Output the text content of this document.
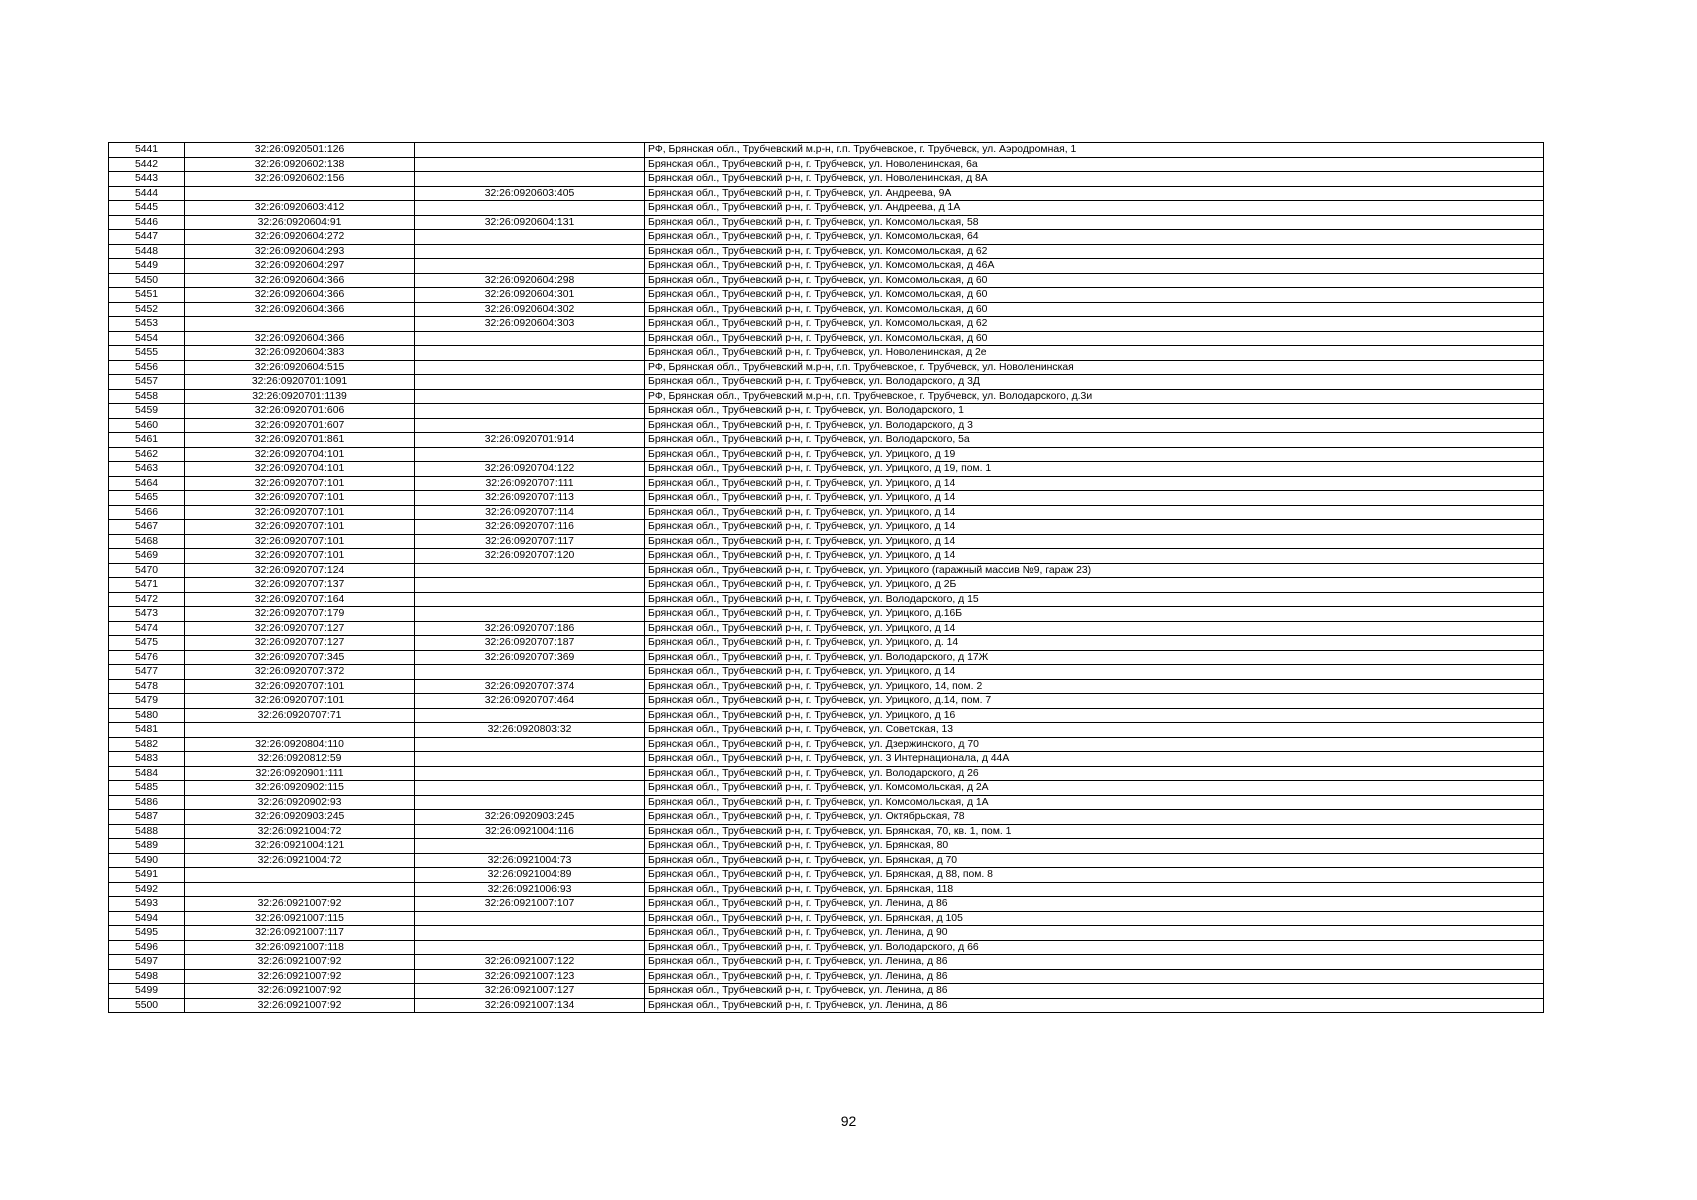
5441	32:26:0920501:126		РФ, Брянская обл., Трубчевский м.р-н, г.п. Трубчевское, г. Трубчевск, ул. Аэродромная, 1
5442	32:26:0920602:138		Брянская обл., Трубчевский р-н, г. Трубчевск, ул. Новоленинская, 6а
5443	32:26:0920602:156		Брянская обл., Трубчевский р-н, г. Трубчевск, ул. Новоленинская, д 8А
5444		32:26:0920603:405	Брянская обл., Трубчевский р-н, г. Трубчевск, ул. Андреева, 9А
5445	32:26:0920603:412		Брянская обл., Трубчевский р-н, г. Трубчевск, ул. Андреева, д 1А
5446	32:26:0920604:91	32:26:0920604:131	Брянская обл., Трубчевский р-н, г. Трубчевск, ул. Комсомольская, 58
5447	32:26:0920604:272		Брянская обл., Трубчевский р-н, г. Трубчевск, ул. Комсомольская, 64
5448	32:26:0920604:293		Брянская обл., Трубчевский р-н, г. Трубчевск, ул. Комсомольская, д 62
5449	32:26:0920604:297		Брянская обл., Трубчевский р-н, г. Трубчевск, ул. Комсомольская, д 46А
5450	32:26:0920604:366	32:26:0920604:298	Брянская обл., Трубчевский р-н, г. Трубчевск, ул. Комсомольская, д 60
5451	32:26:0920604:366	32:26:0920604:301	Брянская обл., Трубчевский р-н, г. Трубчевск, ул. Комсомольская, д 60
5452	32:26:0920604:366	32:26:0920604:302	Брянская обл., Трубчевский р-н, г. Трубчевск, ул. Комсомольская, д 60
5453		32:26:0920604:303	Брянская обл., Трубчевский р-н, г. Трубчевск, ул. Комсомольская, д 62
5454	32:26:0920604:366		Брянская обл., Трубчевский р-н, г. Трубчевск, ул. Комсомольская, д 60
5455	32:26:0920604:383		Брянская обл., Трубчевский р-н, г. Трубчевск, ул. Новоленинская, д 2е
5456	32:26:0920604:515		РФ, Брянская обл., Трубчевский м.р-н, г.п. Трубчевское, г. Трубчевск, ул. Новоленинская
5457	32:26:0920701:1091		Брянская обл., Трубчевский р-н, г. Трубчевск, ул. Володарского, д 3Д
5458	32:26:0920701:1139		РФ, Брянская обл., Трубчевский м.р-н, г.п. Трубчевское, г. Трубчевск, ул. Володарского, д.3и
5459	32:26:0920701:606		Брянская обл., Трубчевский р-н, г. Трубчевск, ул. Володарского, 1
5460	32:26:0920701:607		Брянская обл., Трубчевский р-н, г. Трубчевск, ул. Володарского, д 3
5461	32:26:0920701:861	32:26:0920701:914	Брянская обл., Трубчевский р-н, г. Трубчевск, ул. Володарского, 5а
5462	32:26:0920704:101		Брянская обл., Трубчевский р-н, г. Трубчевск, ул. Урицкого, д 19
5463	32:26:0920704:101	32:26:0920704:122	Брянская обл., Трубчевский р-н, г. Трубчевск, ул. Урицкого, д 19, пом. 1
5464	32:26:0920707:101	32:26:0920707:111	Брянская обл., Трубчевский р-н, г. Трубчевск, ул. Урицкого, д 14
5465	32:26:0920707:101	32:26:0920707:113	Брянская обл., Трубчевский р-н, г. Трубчевск, ул. Урицкого, д 14
5466	32:26:0920707:101	32:26:0920707:114	Брянская обл., Трубчевский р-н, г. Трубчевск, ул. Урицкого, д 14
5467	32:26:0920707:101	32:26:0920707:116	Брянская обл., Трубчевский р-н, г. Трубчевск, ул. Урицкого, д 14
5468	32:26:0920707:101	32:26:0920707:117	Брянская обл., Трубчевский р-н, г. Трубчевск, ул. Урицкого, д 14
5469	32:26:0920707:101	32:26:0920707:120	Брянская обл., Трубчевский р-н, г. Трубчевск, ул. Урицкого, д 14
5470	32:26:0920707:124		Брянская обл., Трубчевский р-н, г. Трубчевск, ул. Урицкого (гаражный массив №9, гараж 23)
5471	32:26:0920707:137		Брянская обл., Трубчевский р-н, г. Трубчевск, ул. Урицкого, д 2Б
5472	32:26:0920707:164		Брянская обл., Трубчевский р-н, г. Трубчевск, ул. Володарского, д 15
5473	32:26:0920707:179		Брянская обл., Трубчевский р-н, г. Трубчевск, ул. Урицкого, д.16Б
5474	32:26:0920707:127	32:26:0920707:186	Брянская обл., Трубчевский р-н, г. Трубчевск, ул. Урицкого, д 14
5475	32:26:0920707:127	32:26:0920707:187	Брянская обл., Трубчевский р-н, г. Трубчевск, ул. Урицкого, д. 14
5476	32:26:0920707:345	32:26:0920707:369	Брянская обл., Трубчевский р-н, г. Трубчевск, ул. Володарского, д 17Ж
5477	32:26:0920707:372		Брянская обл., Трубчевский р-н, г. Трубчевск, ул. Урицкого, д 14
5478	32:26:0920707:101	32:26:0920707:374	Брянская обл., Трубчевский р-н, г. Трубчевск, ул. Урицкого, 14, пом. 2
5479	32:26:0920707:101	32:26:0920707:464	Брянская обл., Трубчевский р-н, г. Трубчевск, ул. Урицкого, д.14, пом. 7
5480	32:26:0920707:71		Брянская обл., Трубчевский р-н, г. Трубчевск, ул. Урицкого, д 16
5481		32:26:0920803:32	Брянская обл., Трубчевский р-н, г. Трубчевск, ул. Советская, 13
5482	32:26:0920804:110		Брянская обл., Трубчевский р-н, г. Трубчевск, ул. Дзержинского, д 70
5483	32:26:0920812:59		Брянская обл., Трубчевский р-н, г. Трубчевск, ул. 3 Интернационала, д 44А
5484	32:26:0920901:111		Брянская обл., Трубчевский р-н, г. Трубчевск, ул. Володарского, д 26
5485	32:26:0920902:115		Брянская обл., Трубчевский р-н, г. Трубчевск, ул. Комсомольская, д 2А
5486	32:26:0920902:93		Брянская обл., Трубчевский р-н, г. Трубчевск, ул. Комсомольская, д 1А
5487	32:26:0920903:245	32:26:0920903:245	Брянская обл., Трубчевский р-н, г. Трубчевск, ул. Октябрьская, 78
5488	32:26:0921004:72	32:26:0921004:116	Брянская обл., Трубчевский р-н, г. Трубчевск, ул. Брянская, 70, кв. 1, пом. 1
5489	32:26:0921004:121		Брянская обл., Трубчевский р-н, г. Трубчевск, ул. Брянская, 80
5490	32:26:0921004:72	32:26:0921004:73	Брянская обл., Трубчевский р-н, г. Трубчевск, ул. Брянская, д 70
5491		32:26:0921004:89	Брянская обл., Трубчевский р-н, г. Трубчевск, ул. Брянская, д 88, пом. 8
5492		32:26:0921006:93	Брянская обл., Трубчевский р-н, г. Трубчевск, ул. Брянская, 118
5493	32:26:0921007:92	32:26:0921007:107	Брянская обл., Трубчевский р-н, г. Трубчевск, ул. Ленина, д 86
5494	32:26:0921007:115		Брянская обл., Трубчевский р-н, г. Трубчевск, ул. Брянская, д 105
5495	32:26:0921007:117		Брянская обл., Трубчевский р-н, г. Трубчевск, ул. Ленина, д 90
5496	32:26:0921007:118		Брянская обл., Трубчевский р-н, г. Трубчевск, ул. Володарского, д 66
5497	32:26:0921007:92	32:26:0921007:122	Брянская обл., Трубчевский р-н, г. Трубчевск, ул. Ленина, д 86
5498	32:26:0921007:92	32:26:0921007:123	Брянская обл., Трубчевский р-н, г. Трубчевск, ул. Ленина, д 86
5499	32:26:0921007:92	32:26:0921007:127	Брянская обл., Трубчевский р-н, г. Трубчевск, ул. Ленина, д 86
5500	32:26:0921007:92	32:26:0921007:134	Брянская обл., Трубчевский р-н, г. Трубчевск, ул. Ленина, д 86
92
